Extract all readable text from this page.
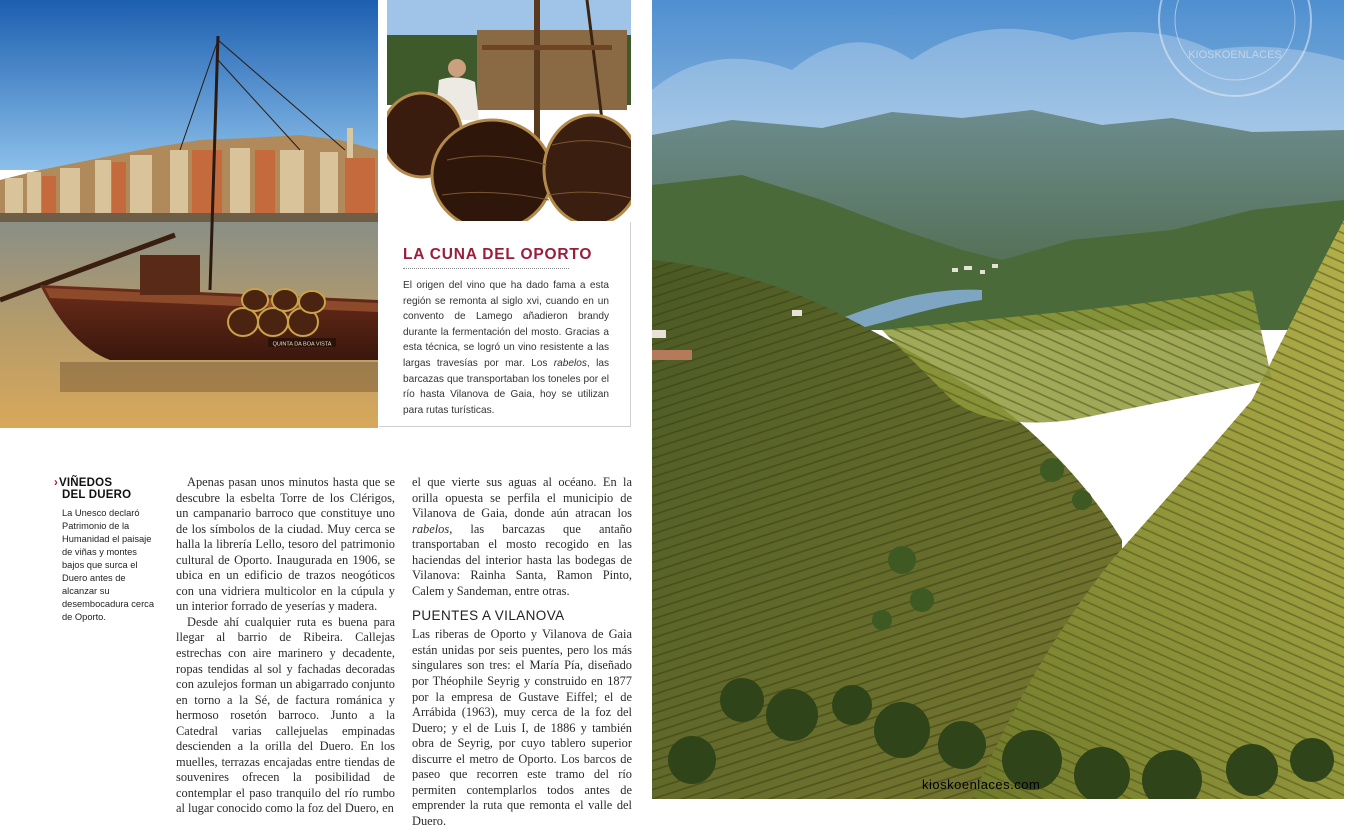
QUINTA DA BOA VISTA
LA CUNA DEL OPORTO
El origen del vino que ha dado fama a esta región se remonta al siglo xvi, cuando en un convento de Lamego añadieron brandy durante la fermentación del mosto. Gracias a esta técnica, se logró un vino resistente a las largas travesías por mar. Los rabelos, las barcazas que transportaban los toneles por el río hasta Vilanova de Gaia, hoy se utilizan para rutas turísticas.
›VIÑEDOS
DEL DUERO
La Unesco declaró Patrimonio de la Humanidad el paisaje de viñas y montes bajos que surca el Duero antes de alcanzar su desembocadura cerca de Oporto.

Apenas pasan unos minutos hasta que se descubre la esbelta Torre de los Clérigos, un campanario barroco que constituye uno de los símbolos de la ciudad. Muy cerca se halla la librería Lello, tesoro del patrimonio cultural de Oporto. Inaugurada en 1906, se ubica en un edificio de trazos neogóticos con una vidriera multicolor en la cúpula y un interior forrado de yeserías y madera.

Desde ahí cualquier ruta es buena para llegar al barrio de Ribeira. Callejas estrechas con aire marinero y decadente, ropas tendidas al sol y fachadas decoradas con azulejos forman un abigarrado conjunto en torno a la Sé, de factura románica y hermoso rosetón barroco. Junto a la Catedral varias callejuelas empinadas descienden a la orilla del Duero. En los muelles, terrazas encajadas entre tiendas de souvenires ofrecen la posibilidad de contemplar el paso tranquilo del río rumbo al lugar conocido como la foz del Duero, en

el que vierte sus aguas al océano. En la orilla opuesta se perfila el municipio de Vilanova de Gaia, donde aún atracan los rabelos, las barcazas que antaño transportaban el mosto recogido en las haciendas del interior hasta las bodegas de Vilanova: Rainha Santa, Ramon Pinto, Calem y Sandeman, entre otras.

PUENTES A VILANOVA

Las riberas de Oporto y Vilanova de Gaia están unidas por seis puentes, pero los más singulares son tres: el María Pía, diseñado por Théophile Seyrig y construido en 1877 por la empresa de Gustave Eiffel; el de Arrábida (1963), muy cerca de la foz del Duero; y el de Luis I, de 1886 y también obra de Seyrig, por cuyo tablero superior discurre el metro de Oporto. Los barcos de paseo que recorren este tramo del río permiten contemplarlos todos antes de emprender la ruta que remonta el valle del Duero.

KIOSKOENLACES
kioskoenlaces.com
